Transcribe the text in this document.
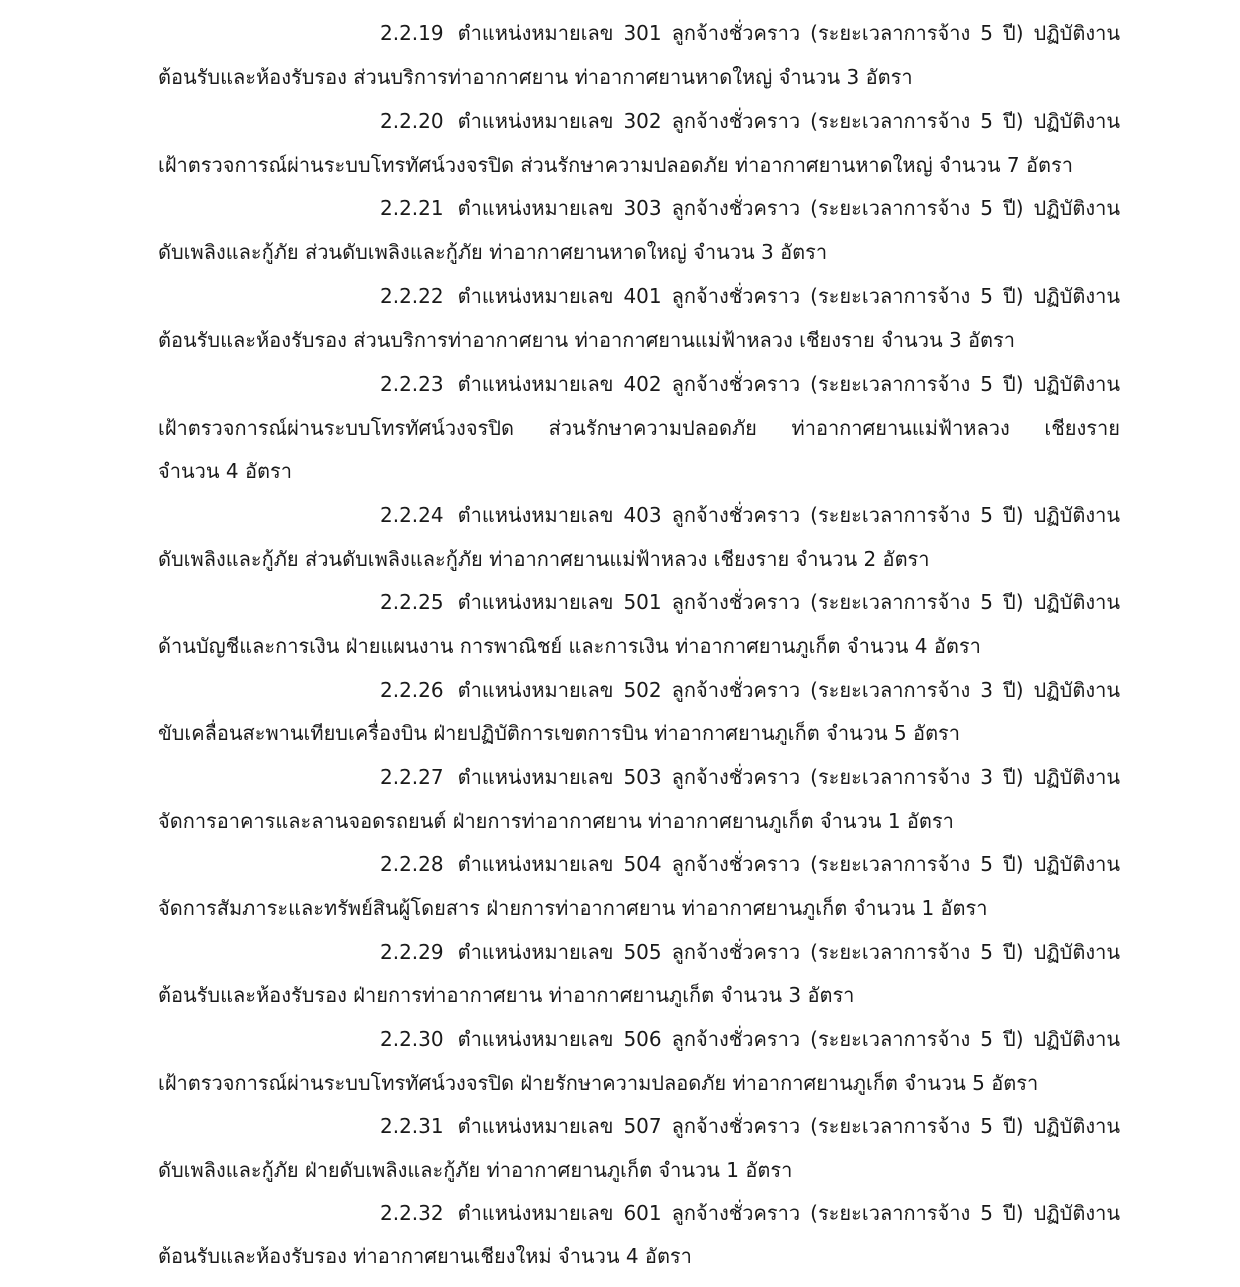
2.2.19 ตำแหน่งหมายเลข 301 ลูกจ้างชั่วคราว (ระยะเวลาการจ้าง 5 ปี) ปฏิบัติงาน
ต้อนรับและห้องรับรอง ส่วนบริการท่าอากาศยาน ท่าอากาศยานหาดใหญ่ จำนวน 3 อัตรา
2.2.20 ตำแหน่งหมายเลข 302 ลูกจ้างชั่วคราว (ระยะเวลาการจ้าง 5 ปี) ปฏิบัติงาน
เฝ้าตรวจการณ์ผ่านระบบโทรทัศน์วงจรปิด ส่วนรักษาความปลอดภัย ท่าอากาศยานหาดใหญ่ จำนวน 7 อัตรา
2.2.21 ตำแหน่งหมายเลข 303 ลูกจ้างชั่วคราว (ระยะเวลาการจ้าง 5 ปี) ปฏิบัติงาน
ดับเพลิงและกู้ภัย ส่วนดับเพลิงและกู้ภัย ท่าอากาศยานหาดใหญ่ จำนวน 3 อัตรา
2.2.22 ตำแหน่งหมายเลข 401 ลูกจ้างชั่วคราว (ระยะเวลาการจ้าง 5 ปี) ปฏิบัติงาน
ต้อนรับและห้องรับรอง ส่วนบริการท่าอากาศยาน ท่าอากาศยานแม่ฟ้าหลวง เชียงราย จำนวน 3 อัตรา
2.2.23 ตำแหน่งหมายเลข 402 ลูกจ้างชั่วคราว (ระยะเวลาการจ้าง 5 ปี) ปฏิบัติงาน
เฝ้าตรวจการณ์ผ่านระบบโทรทัศน์วงจรปิด ส่วนรักษาความปลอดภัย ท่าอากาศยานแม่ฟ้าหลวง เชียงราย
จำนวน 4 อัตรา
2.2.24 ตำแหน่งหมายเลข 403 ลูกจ้างชั่วคราว (ระยะเวลาการจ้าง 5 ปี) ปฏิบัติงาน
ดับเพลิงและกู้ภัย ส่วนดับเพลิงและกู้ภัย ท่าอากาศยานแม่ฟ้าหลวง เชียงราย จำนวน 2 อัตรา
2.2.25 ตำแหน่งหมายเลข 501 ลูกจ้างชั่วคราว (ระยะเวลาการจ้าง 5 ปี) ปฏิบัติงาน
ด้านบัญชีและการเงิน ฝ่ายแผนงาน การพาณิชย์ และการเงิน ท่าอากาศยานภูเก็ต จำนวน 4 อัตรา
2.2.26 ตำแหน่งหมายเลข 502 ลูกจ้างชั่วคราว (ระยะเวลาการจ้าง 3 ปี) ปฏิบัติงาน
ขับเคลื่อนสะพานเทียบเครื่องบิน ฝ่ายปฏิบัติการเขตการบิน ท่าอากาศยานภูเก็ต จำนวน 5 อัตรา
2.2.27 ตำแหน่งหมายเลข 503 ลูกจ้างชั่วคราว (ระยะเวลาการจ้าง 3 ปี) ปฏิบัติงาน
จัดการอาคารและลานจอดรถยนต์ ฝ่ายการท่าอากาศยาน ท่าอากาศยานภูเก็ต จำนวน 1 อัตรา
2.2.28 ตำแหน่งหมายเลข 504 ลูกจ้างชั่วคราว (ระยะเวลาการจ้าง 5 ปี) ปฏิบัติงาน
จัดการสัมภาระและทรัพย์สินผู้โดยสาร ฝ่ายการท่าอากาศยาน ท่าอากาศยานภูเก็ต จำนวน 1 อัตรา
2.2.29 ตำแหน่งหมายเลข 505 ลูกจ้างชั่วคราว (ระยะเวลาการจ้าง 5 ปี) ปฏิบัติงาน
ต้อนรับและห้องรับรอง ฝ่ายการท่าอากาศยาน ท่าอากาศยานภูเก็ต จำนวน 3 อัตรา
2.2.30 ตำแหน่งหมายเลข 506 ลูกจ้างชั่วคราว (ระยะเวลาการจ้าง 5 ปี) ปฏิบัติงาน
เฝ้าตรวจการณ์ผ่านระบบโทรทัศน์วงจรปิด ฝ่ายรักษาความปลอดภัย ท่าอากาศยานภูเก็ต จำนวน 5 อัตรา
2.2.31 ตำแหน่งหมายเลข 507 ลูกจ้างชั่วคราว (ระยะเวลาการจ้าง 5 ปี) ปฏิบัติงาน
ดับเพลิงและกู้ภัย ฝ่ายดับเพลิงและกู้ภัย ท่าอากาศยานภูเก็ต จำนวน 1 อัตรา
2.2.32 ตำแหน่งหมายเลข 601 ลูกจ้างชั่วคราว (ระยะเวลาการจ้าง 5 ปี) ปฏิบัติงาน
ต้อนรับและห้องรับรอง ท่าอากาศยานเชียงใหม่ จำนวน 4 อัตรา
